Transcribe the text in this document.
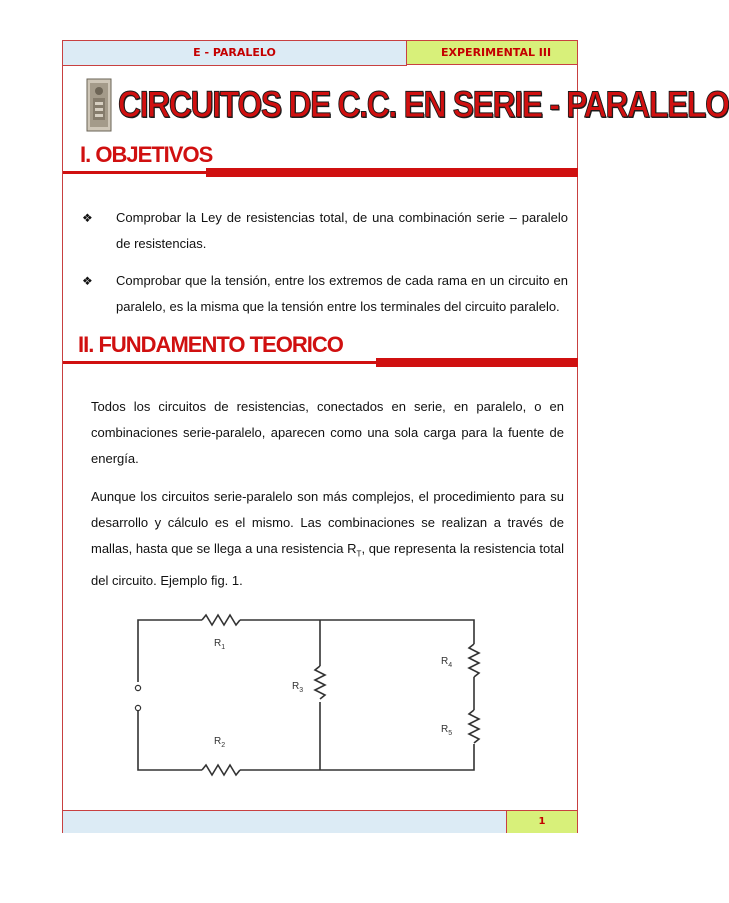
E - PARALELO	EXPERIMENTAL III
CIRCUITOS DE C.C. EN SERIE - PARALELO
I. OBJETIVOS
❖ Comprobar la Ley de resistencias total, de una combinación serie – paralelo de resistencias.
❖ Comprobar que la tensión, entre los extremos de cada rama en un circuito en paralelo, es la misma que la tensión entre los terminales del circuito paralelo.
II. FUNDAMENTO TEORICO
Todos los circuitos de resistencias, conectados en serie, en paralelo, o en combinaciones serie-paralelo, aparecen como una sola carga para la fuente de energía.
Aunque los circuitos serie-paralelo son más complejos, el procedimiento para su desarrollo y cálculo es el mismo. Las combinaciones se realizan a través de mallas, hasta que se llega a una resistencia $R_T$, que representa la resistencia total del circuito. Ejemplo fig. 1.
$R_1$
$R_2$
$R_3$
$R_4$
$R_5$
1
